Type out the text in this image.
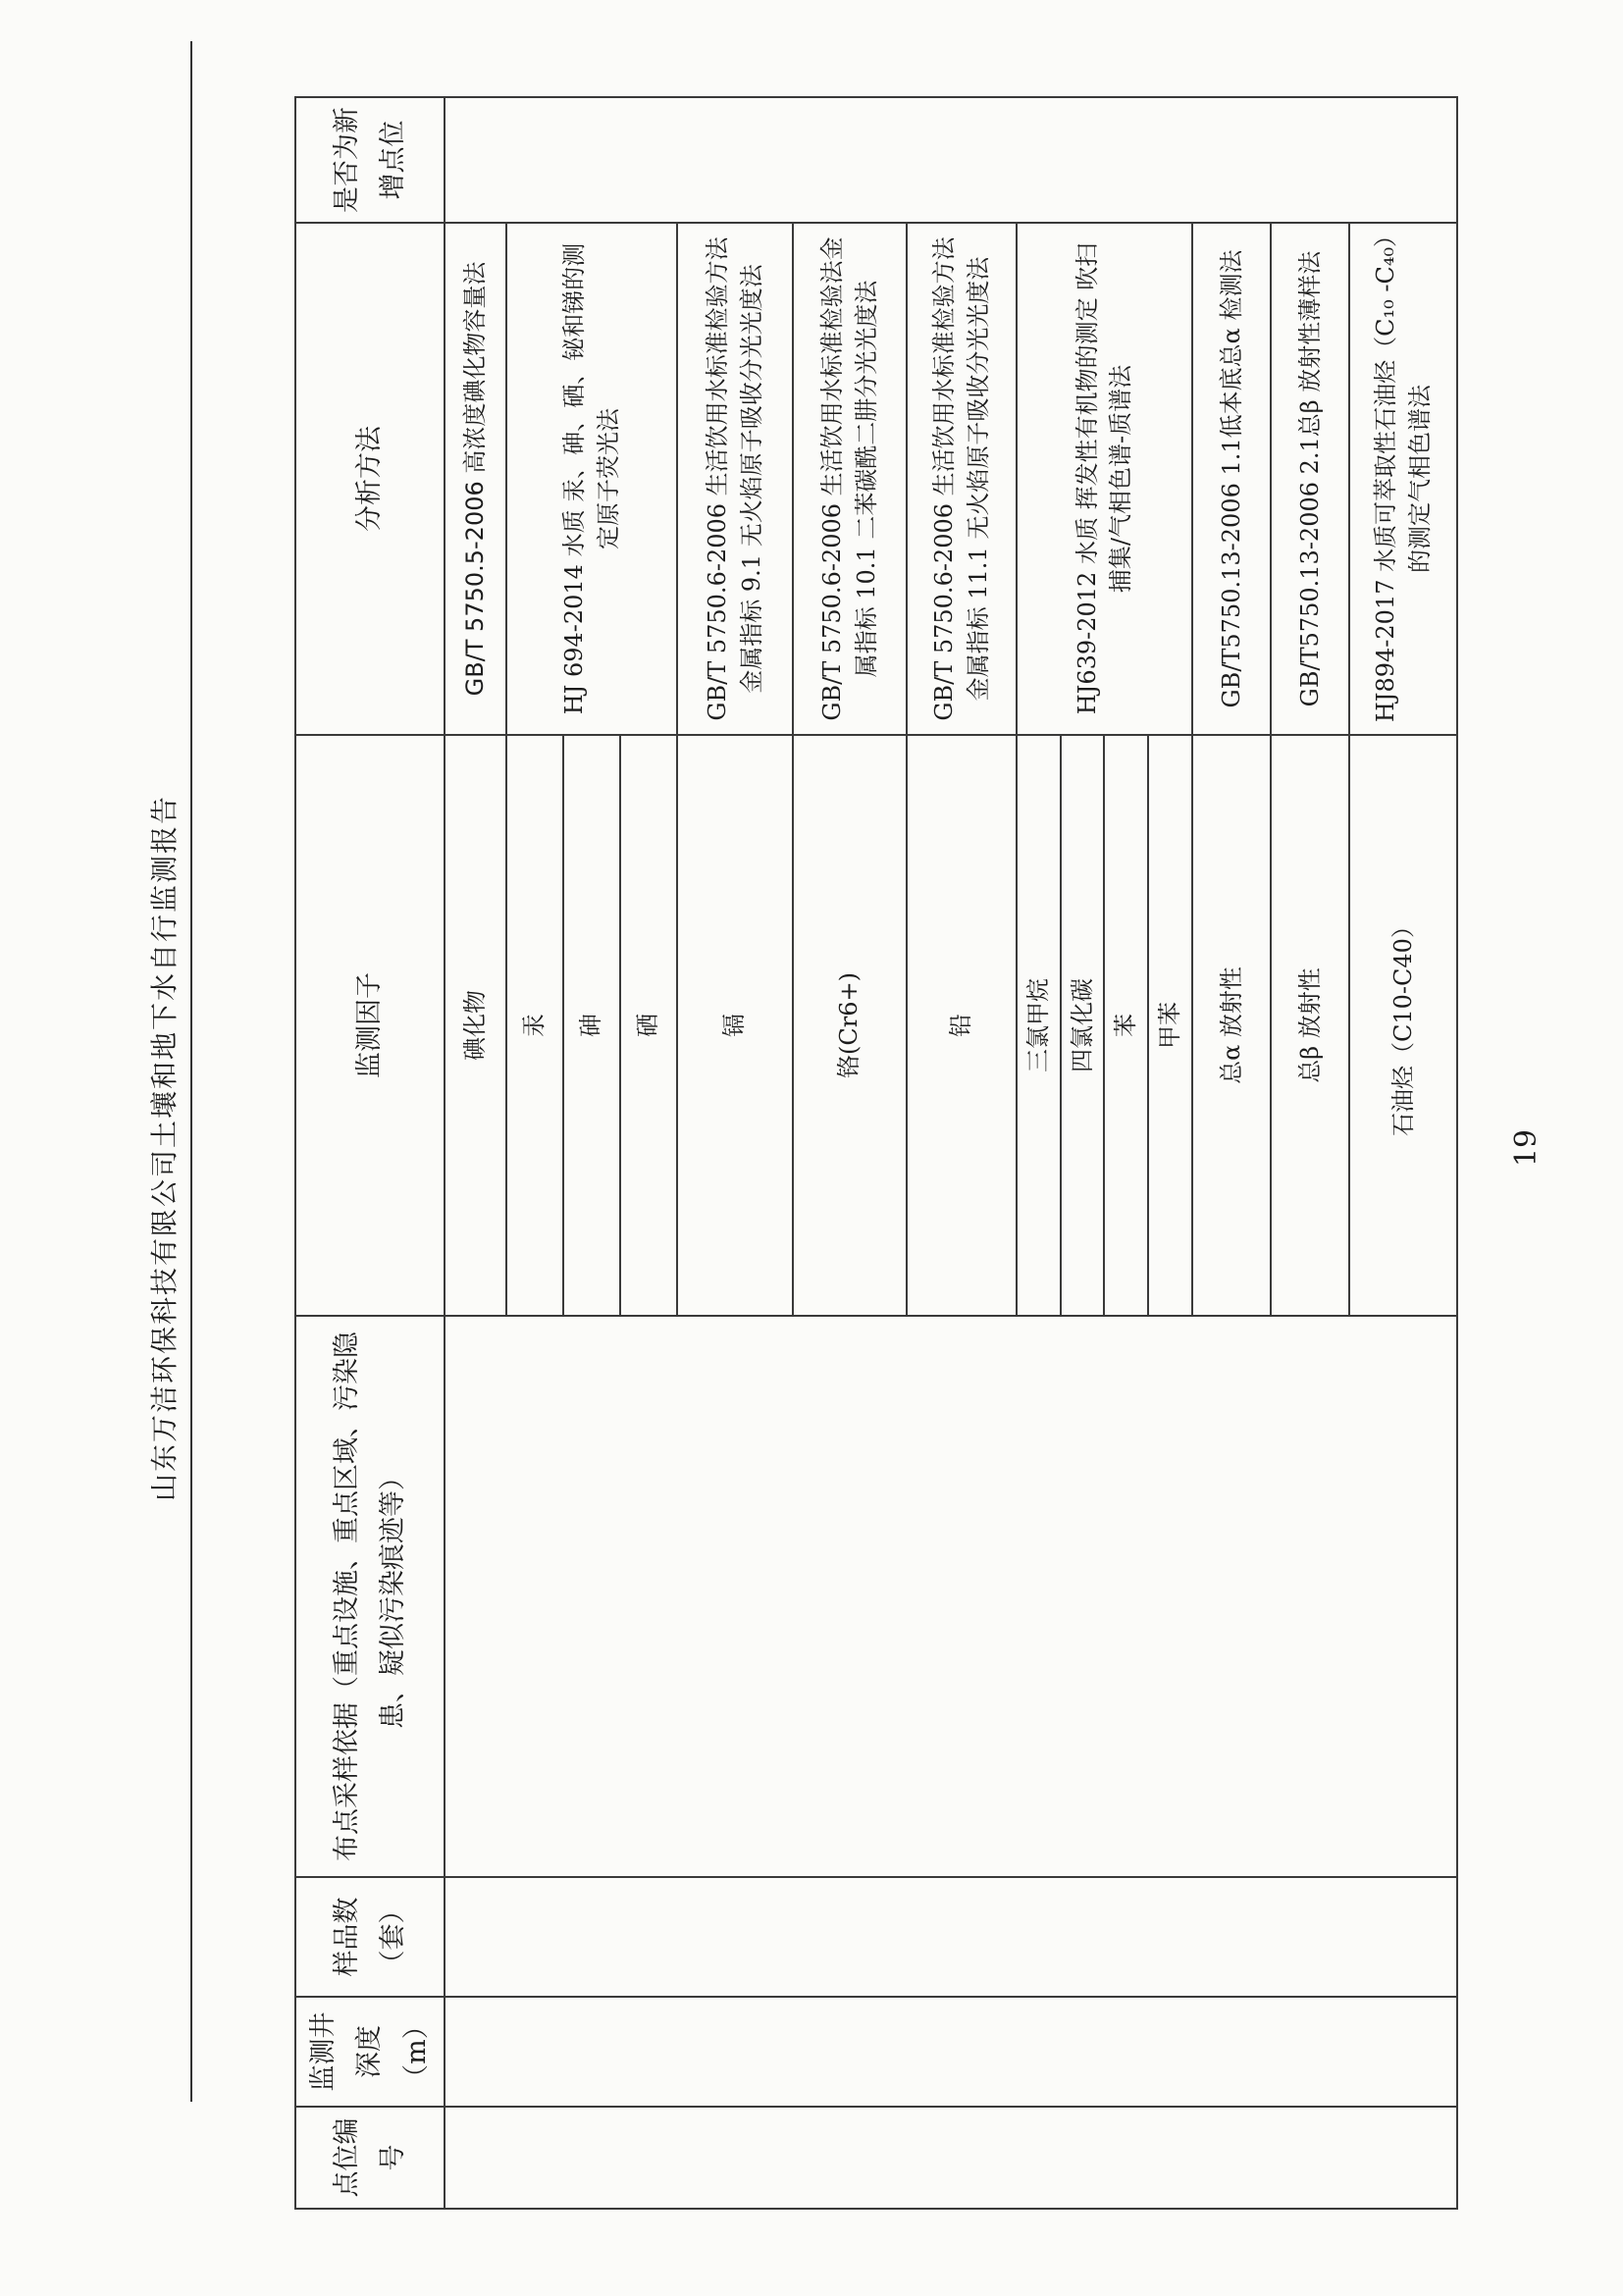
山东万洁环保科技有限公司土壤和地下水自行监测报告
点位编号	监测井深度（m）	样品数（套）	布点采样依据（重点设施、重点区域、污染隐患、疑似污染痕迹等）	监测因子	分析方法	是否为新增点位
				碘化物	GB/T 5750.5-2006 高浓度碘化物容量法	
				汞	HJ 694-2014 水质 汞、砷、硒、铋和锑的测定原子荧光法	
				砷		
				硒		
				镉	GB/T 5750.6-2006 生活饮用水标准检验方法金属指标 9.1 无火焰原子吸收分光光度法	
				铬(Cr6+)	GB/T 5750.6-2006 生活饮用水标准检验法金属指标 10.1 二苯碳酰二肼分光光度法	
				铅	GB/T 5750.6-2006 生活饮用水标准检验方法金属指标 11.1 无火焰原子吸收分光光度法	
				三氯甲烷	HJ639-2012 水质 挥发性有机物的测定 吹扫捕集/气相色谱-质谱法	
				四氯化碳		
				苯		
				甲苯		
				总α 放射性	GB/T5750.13-2006 1.1低本底总α 检测法	
				总β 放射性	GB/T5750.13-2006 2.1总β 放射性薄样法	
				石油烃（C10-C40）	HJ894-2017 水质可萃取性石油烃（C₁₀ -C₄₀）的测定气相色谱法	
19
